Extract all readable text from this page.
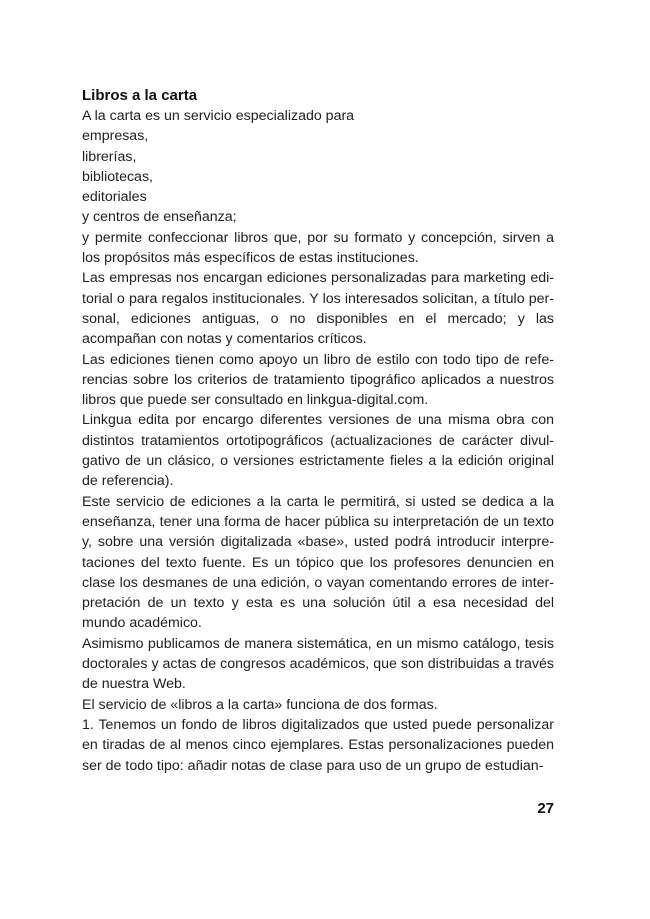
Libros a la carta

A la carta es un servicio especializado para

empresas,

librerías,

bibliotecas,

editoriales

y centros de enseñanza;

y permite confeccionar libros que, por su formato y concepción, sirven a los propósitos más específicos de estas instituciones.

Las empresas nos encargan ediciones personalizadas para marketing editorial o para regalos institucionales. Y los interesados solicitan, a título personal, ediciones antiguas, o no disponibles en el mercado; y las acompañan con notas y comentarios críticos.

Las ediciones tienen como apoyo un libro de estilo con todo tipo de referencias sobre los criterios de tratamiento tipográfico aplicados a nuestros libros que puede ser consultado en linkgua-digital.com.

Linkgua edita por encargo diferentes versiones de una misma obra con distintos tratamientos ortotipográficos (actualizaciones de carácter divulgativo de un clásico, o versiones estrictamente fieles a la edición original de referencia).

Este servicio de ediciones a la carta le permitirá, si usted se dedica a la enseñanza, tener una forma de hacer pública su interpretación de un texto y, sobre una versión digitalizada «base», usted podrá introducir interpretaciones del texto fuente. Es un tópico que los profesores denuncien en clase los desmanes de una edición, o vayan comentando errores de interpretación de un texto y esta es una solución útil a esa necesidad del mundo académico.

Asimismo publicamos de manera sistemática, en un mismo catálogo, tesis doctorales y actas de congresos académicos, que son distribuidas a través de nuestra Web.

El servicio de «libros a la carta» funciona de dos formas.

1. Tenemos un fondo de libros digitalizados que usted puede personalizar en tiradas de al menos cinco ejemplares. Estas personalizaciones pueden ser de todo tipo: añadir notas de clase para uso de un grupo de estudian-

27
